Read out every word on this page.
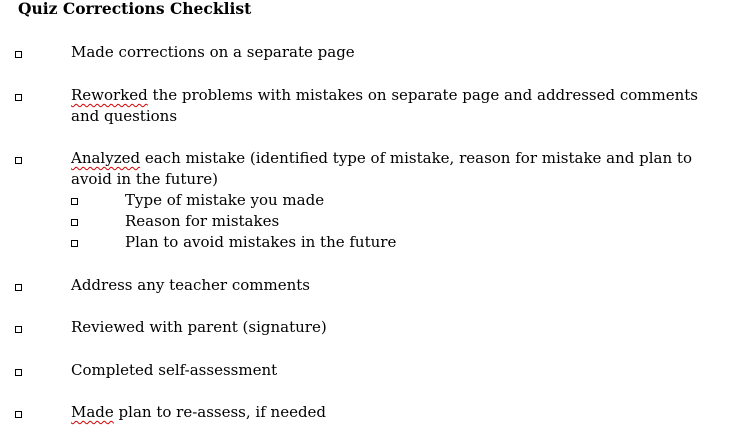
Quiz Corrections Checklist
Made corrections on a separate page
Reworked the problems with mistakes on separate page and addressed comments and questions
Analyzed each mistake (identified type of mistake, reason for mistake and plan to avoid in the future)
Type of mistake you made
Reason for mistakes
Plan to avoid mistakes in the future
Address any teacher comments
Reviewed with parent (signature)
Completed self-assessment
Made plan to re-assess, if needed
